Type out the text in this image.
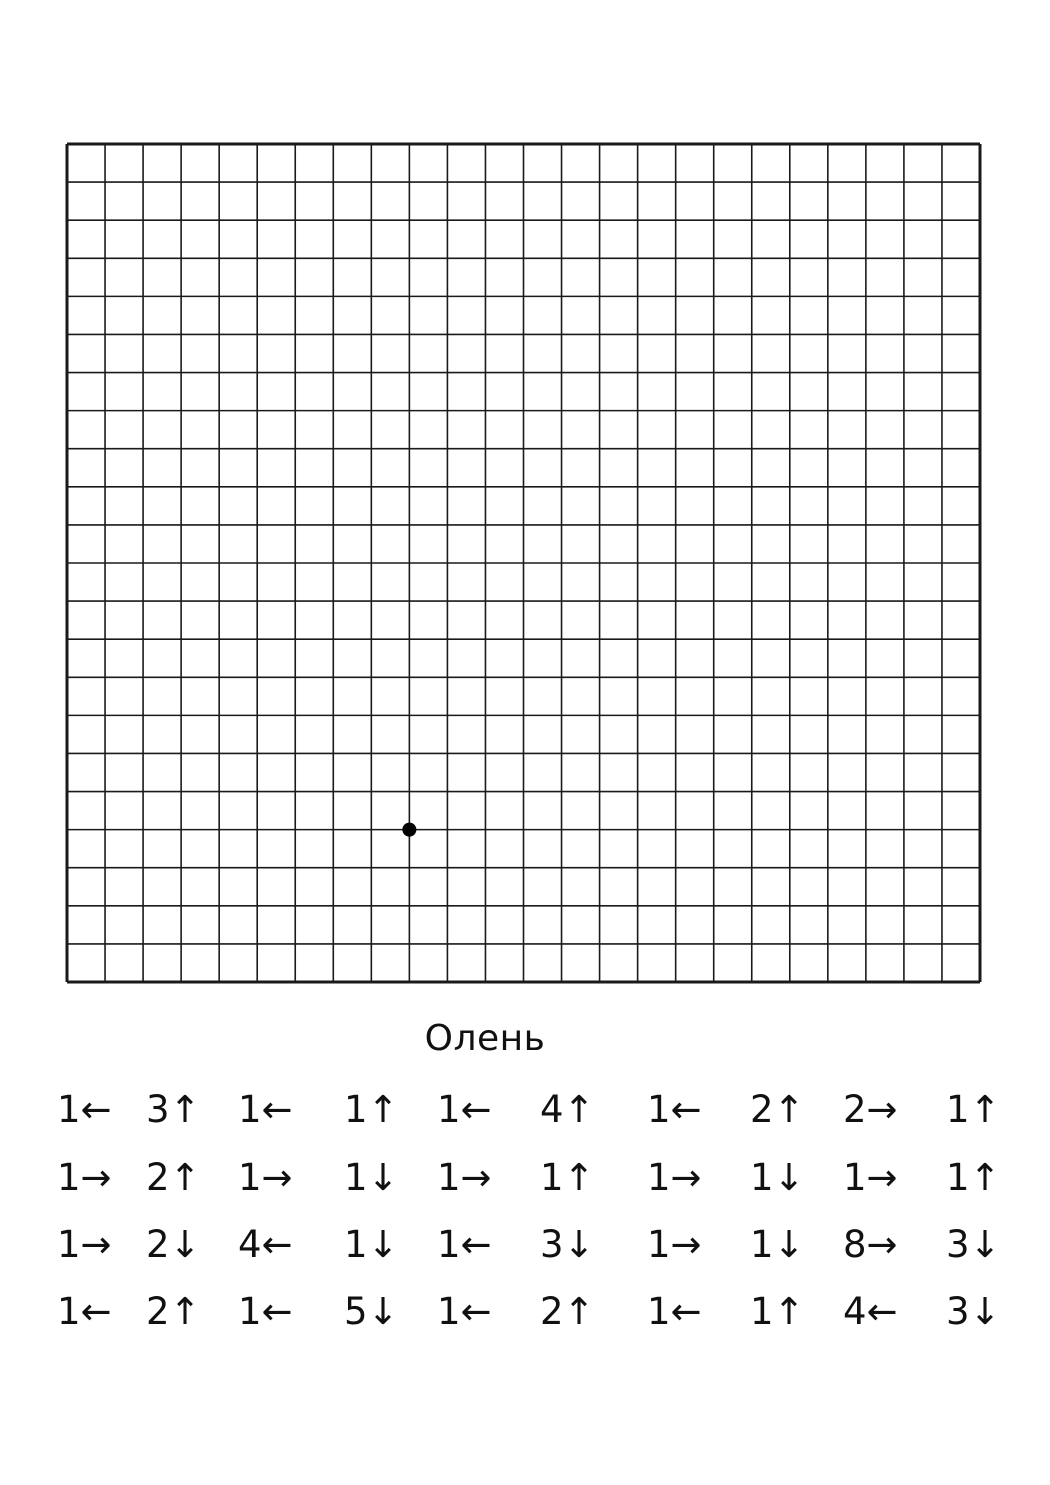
Олень
1← 3↑ 1← 1↑ 1← 4↑ 1← 2↑ 2→ 1↑
1→ 2↑ 1→ 1↓ 1→ 1↑ 1→ 1↓ 1→ 1↑
1→ 2↓ 4← 1↓ 1← 3↓ 1→ 1↓ 8→ 3↓
1← 2↑ 1← 5↓ 1← 2↑ 1← 1↑ 4← 3↓
